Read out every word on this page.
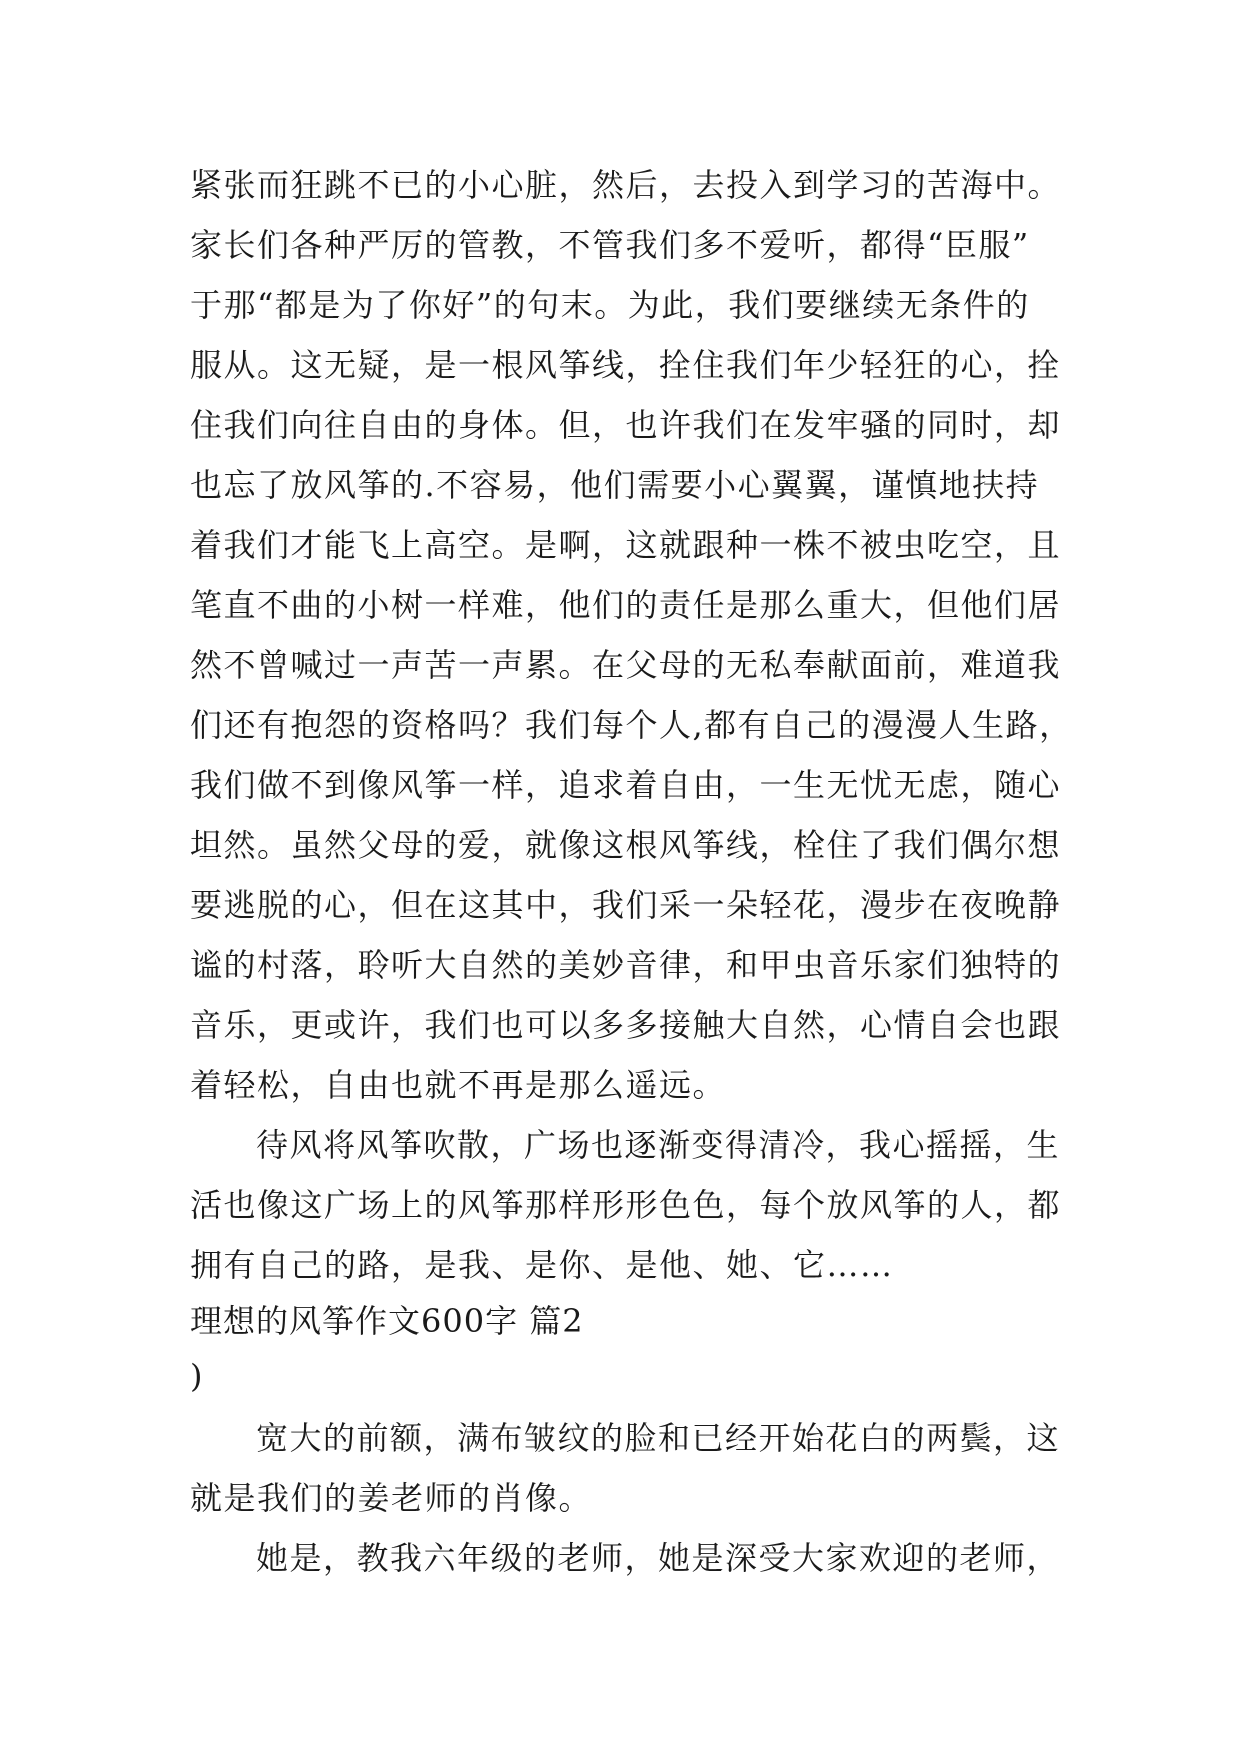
紧张而狂跳不已的小心脏，然后，去投入到学习的苦海中。
家长们各种严厉的管教，不管我们多不爱听，都得“臣服”
于那“都是为了你好”的句末。为此，我们要继续无条件的
服从。这无疑，是一根风筝线，拴住我们年少轻狂的心，拴
住我们向往自由的身体。但，也许我们在发牢骚的同时，却
也忘了放风筝的.不容易，他们需要小心翼翼，谨慎地扶持
着我们才能飞上高空。是啊，这就跟种一株不被虫吃空，且
笔直不曲的小树一样难，他们的责任是那么重大，但他们居
然不曾喊过一声苦一声累。在父母的无私奉献面前，难道我
们还有抱怨的资格吗？我们每个人,都有自己的漫漫人生路，
我们做不到像风筝一样，追求着自由，一生无忧无虑，随心
坦然。虽然父母的爱，就像这根风筝线，栓住了我们偶尔想
要逃脱的心，但在这其中，我们采一朵轻花，漫步在夜晚静
谧的村落，聆听大自然的美妙音律，和甲虫音乐家们独特的
音乐，更或许，我们也可以多多接触大自然，心情自会也跟
着轻松，自由也就不再是那么遥远。
待风将风筝吹散，广场也逐渐变得清冷，我心摇摇，生
活也像这广场上的风筝那样形形色色，每个放风筝的人，都
拥有自己的路，是我、是你、是他、她、它……
理想的风筝作文600字 篇2
)
宽大的前额，满布皱纹的脸和已经开始花白的两鬓，这
就是我们的姜老师的肖像。
她是，教我六年级的老师，她是深受大家欢迎的老师，
